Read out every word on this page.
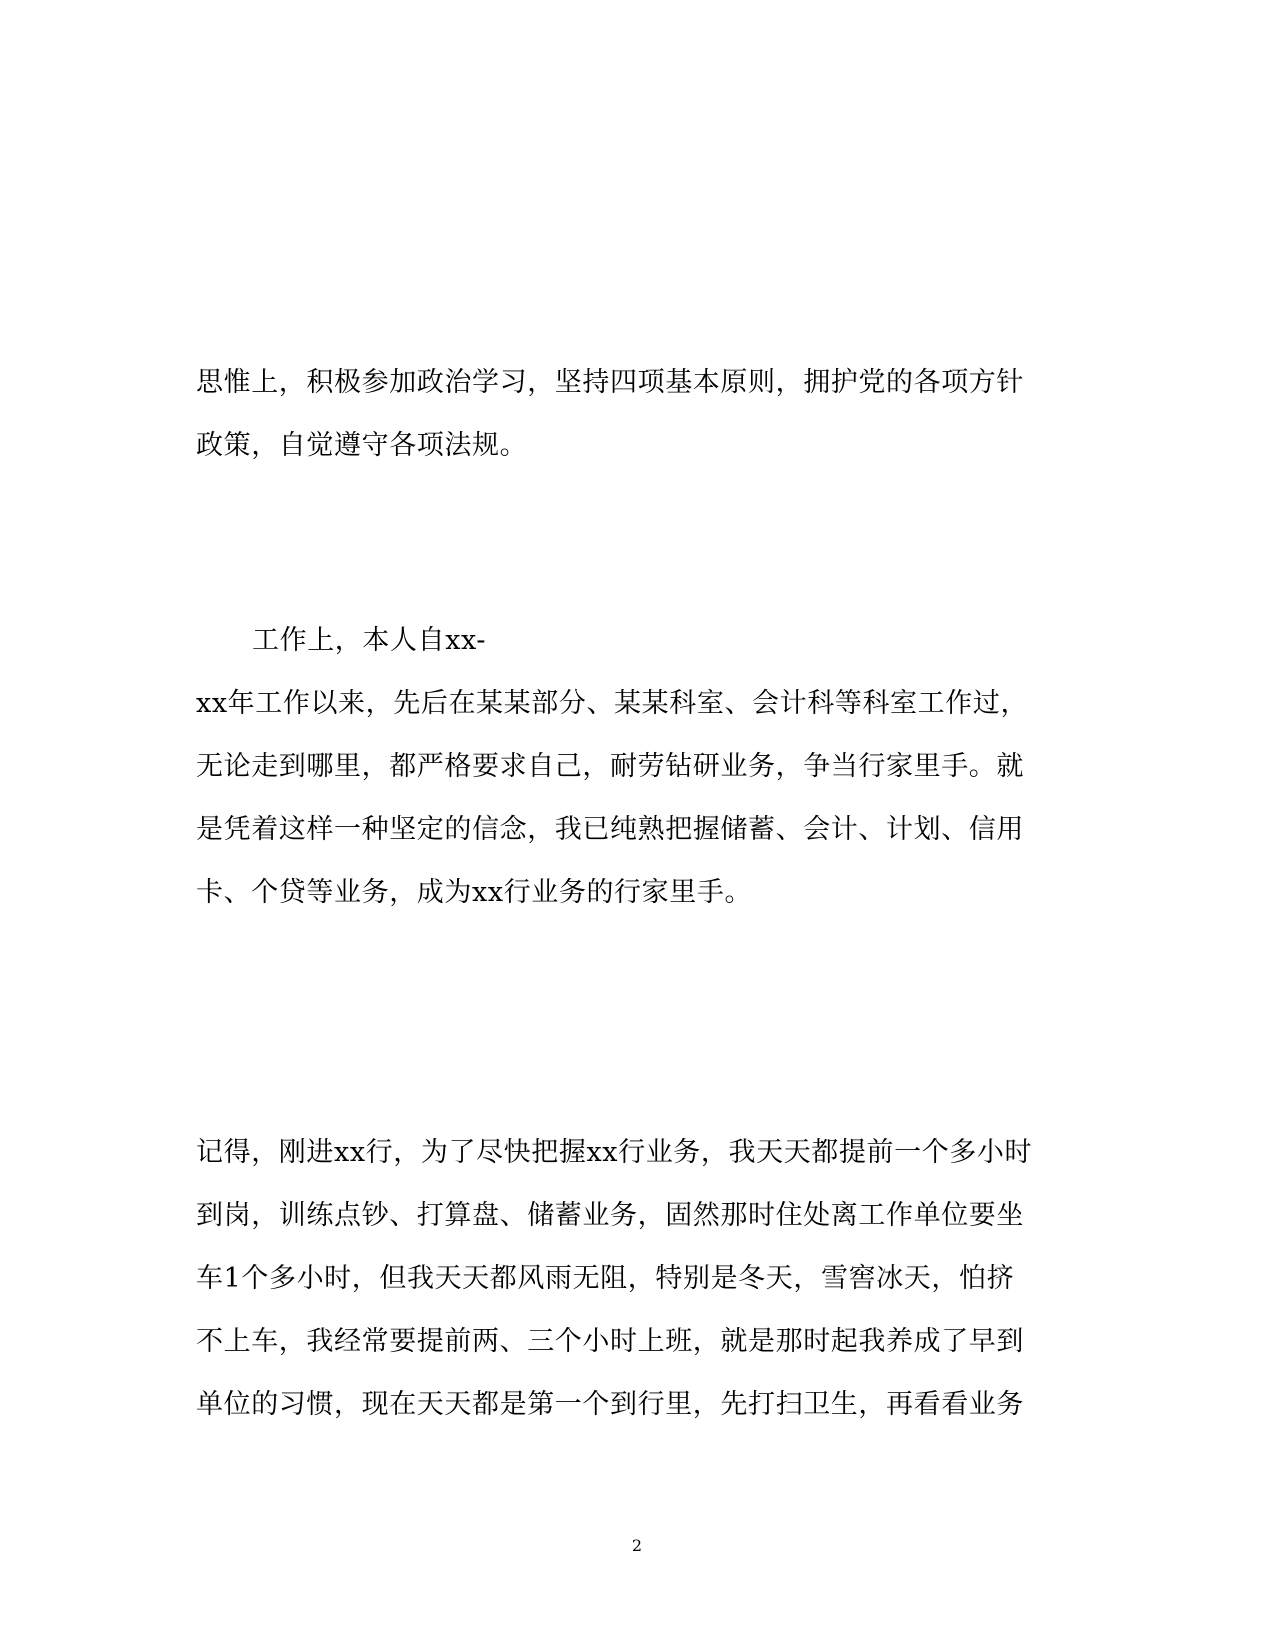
思惟上，积极参加政治学习，坚持四项基本原则，拥护党的各项方针
政策，自觉遵守各项法规。
工作上，本人自xx-
xx年工作以来，先后在某某部分、某某科室、会计科等科室工作过，
无论走到哪里，都严格要求自己，耐劳钻研业务，争当行家里手。就
是凭着这样一种坚定的信念，我已纯熟把握储蓄、会计、计划、信用
卡、个贷等业务，成为xx行业务的行家里手。
记得，刚进xx行，为了尽快把握xx行业务，我天天都提前一个多小时
到岗，训练点钞、打算盘、储蓄业务，固然那时住处离工作单位要坐
车1个多小时，但我天天都风雨无阻，特别是冬天，雪窖冰天，怕挤
不上车，我经常要提前两、三个小时上班，就是那时起我养成了早到
单位的习惯，现在天天都是第一个到行里，先打扫卫生，再看看业务
2
